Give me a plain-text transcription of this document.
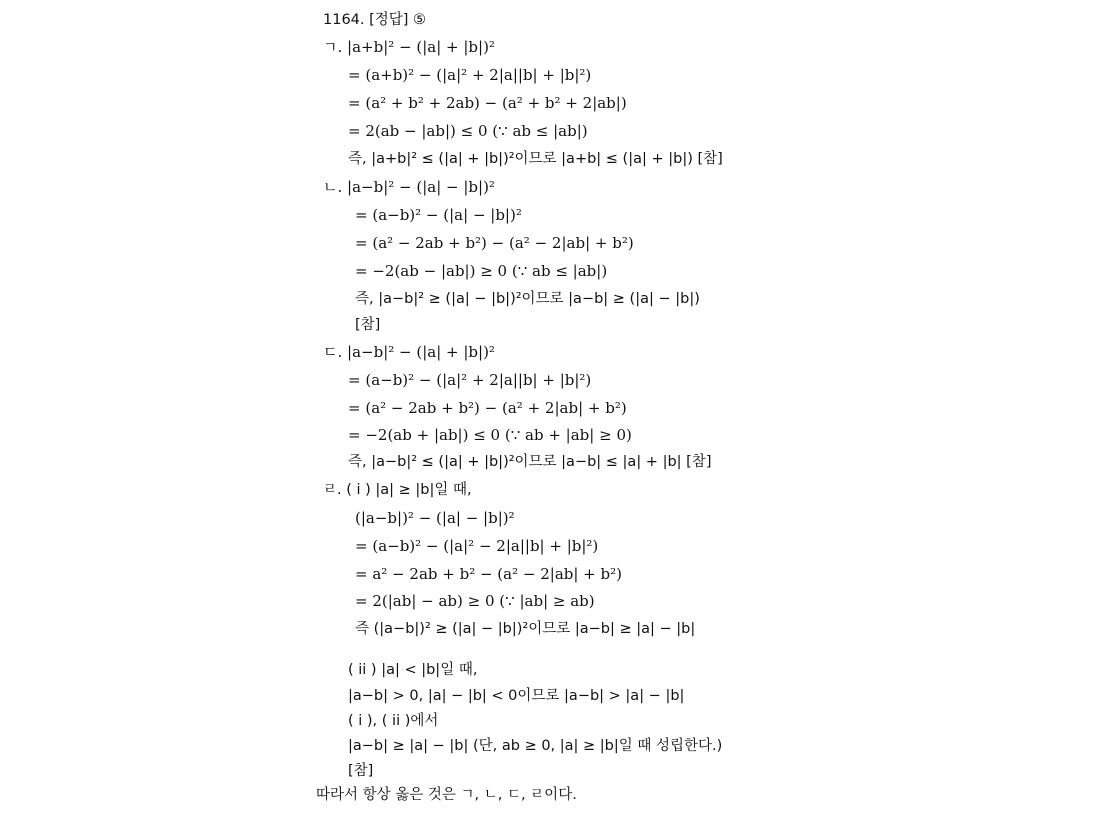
1164. [정답] ⑤
ㄱ. |a+b|² − (|a| + |b|)²
= (a+b)² − (|a|² + 2|a||b| + |b|²)
= (a² + b² + 2ab) − (a² + b² + 2|ab|)
= 2(ab − |ab|) ≤ 0 (∵ ab ≤ |ab|)
즉, |a+b|² ≤ (|a| + |b|)²이므로 |a+b| ≤ (|a| + |b|) [참]
ㄴ. |a−b|² − (|a| − |b|)²
= (a−b)² − (|a| − |b|)²
= (a² − 2ab + b²) − (a² − 2|ab| + b²)
= −2(ab − |ab|) ≥ 0 (∵ ab ≤ |ab|)
즉, |a−b|² ≥ (|a| − |b|)²이므로 |a−b| ≥ (|a| − |b|)
[참]
ㄷ. |a−b|² − (|a| + |b|)²
= (a−b)² − (|a|² + 2|a||b| + |b|²)
= (a² − 2ab + b²) − (a² + 2|ab| + b²)
= −2(ab + |ab|) ≤ 0 (∵ ab + |ab| ≥ 0)
즉, |a−b|² ≤ (|a| + |b|)²이므로 |a−b| ≤ |a| + |b| [참]
ㄹ. ( i ) |a| ≥ |b|일 때,
(|a−b|)² − (|a| − |b|)²
= (a−b)² − (|a|² − 2|a||b| + |b|²)
= a² − 2ab + b² − (a² − 2|ab| + b²)
= 2(|ab| − ab) ≥ 0 (∵ |ab| ≥ ab)
즉 (|a−b|)² ≥ (|a| − |b|)²이므로 |a−b| ≥ |a| − |b|
( ii ) |a| < |b|일 때,
|a−b| > 0, |a| − |b| < 0이므로 |a−b| > |a| − |b|
( i ), ( ii )에서
|a−b| ≥ |a| − |b| (단, ab ≥ 0, |a| ≥ |b|일 때 성립한다.)
[참]
따라서 항상 옳은 것은 ㄱ, ㄴ, ㄷ, ㄹ이다.
